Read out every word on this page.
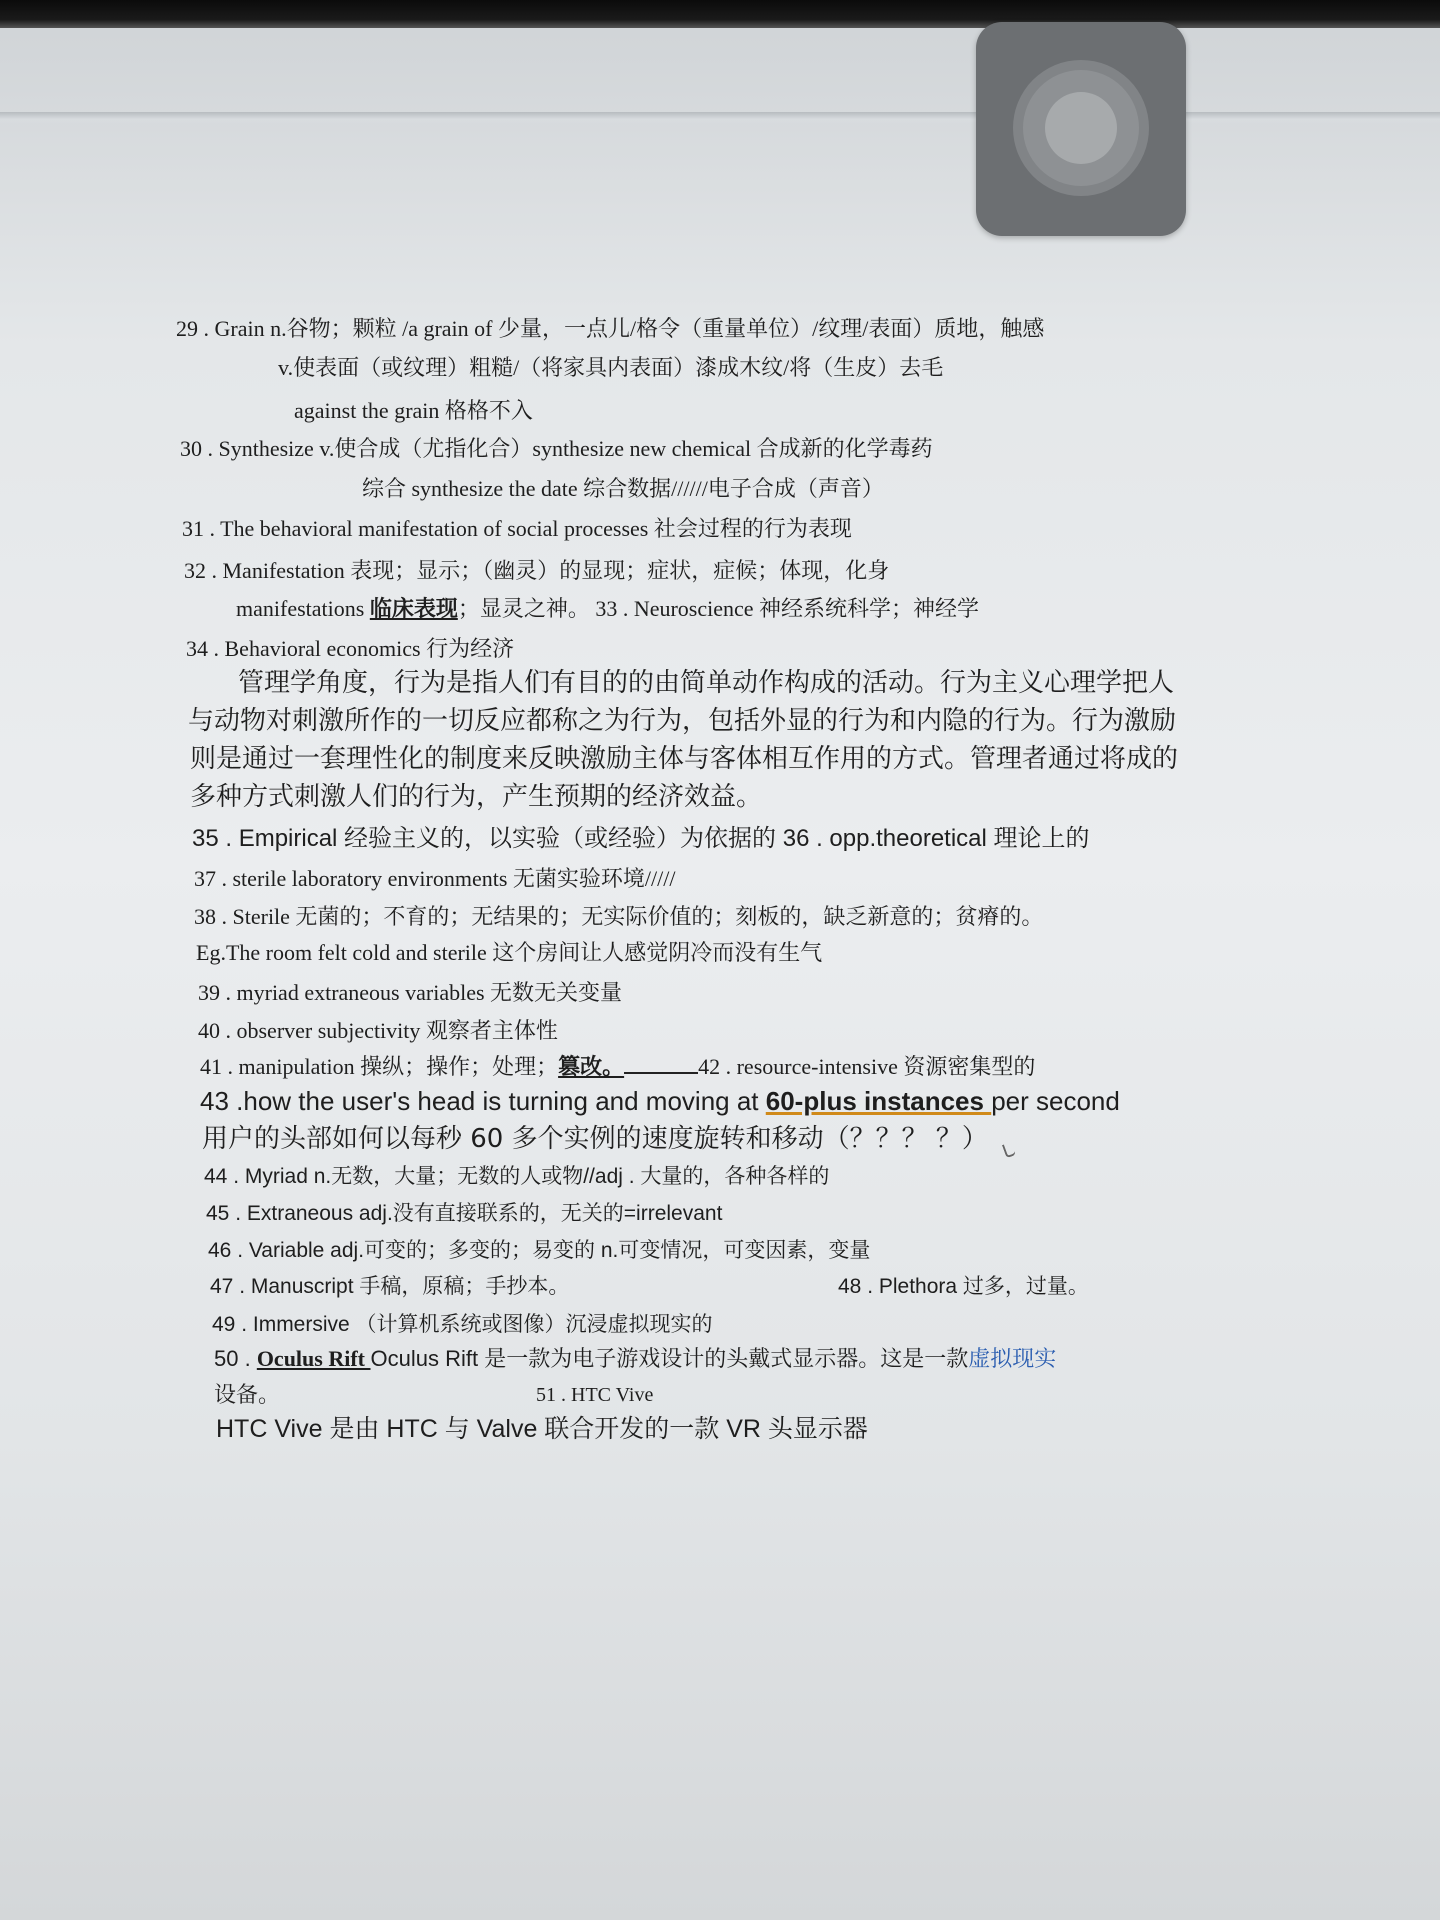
29 . Grain n.谷物；颗粒 /a grain of 少量，一点儿/格令（重量单位）/纹理/表面）质地，触感
v.使表面（或纹理）粗糙/（将家具内表面）漆成木纹/将（生皮）去毛
against the grain 格格不入
30 . Synthesize v.使合成（尤指化合）synthesize new chemical 合成新的化学毒药
综合 synthesize the date 综合数据//////电子合成（声音）
31 . The behavioral manifestation of social processes 社会过程的行为表现
32 . Manifestation 表现；显示；（幽灵）的显现；症状，症候；体现，化身
manifestations 临床表现；显灵之神。 33 . Neuroscience 神经系统科学；神经学
34 . Behavioral economics 行为经济
管理学角度，行为是指人们有目的的由简单动作构成的活动。行为主义心理学把人
与动物对刺激所作的一切反应都称之为行为，包括外显的行为和内隐的行为。行为激励
则是通过一套理性化的制度来反映激励主体与客体相互作用的方式。管理者通过将成的
多种方式刺激人们的行为，产生预期的经济效益。
35 . Empirical 经验主义的，以实验（或经验）为依据的 36 . opp.theoretical 理论上的
37 . sterile laboratory environments 无菌实验环境/////
38 . Sterile 无菌的；不育的；无结果的；无实际价值的；刻板的，缺乏新意的；贫瘠的。
Eg.The room felt cold and sterile 这个房间让人感觉阴冷而没有生气
39 . myriad extraneous variables 无数无关变量
40 . observer subjectivity 观察者主体性
41 . manipulation 操纵；操作；处理；篡改。	42 . resource-intensive 资源密集型的
43 .how the user's head is turning and moving at 60-plus instances per second
用户的头部如何以每秒 60 多个实例的速度旋转和移动（？？？ ？）
44 . Myriad n.无数，大量；无数的人或物//adj . 大量的，各种各样的
45 . Extraneous adj.没有直接联系的，无关的=irrelevant
46 . Variable adj.可变的；多变的；易变的 n.可变情况，可变因素，变量
47 . Manuscript 手稿，原稿；手抄本。	48 . Plethora 过多，过量。
49 . Immersive （计算机系统或图像）沉浸虚拟现实的
50 . Oculus Rift Oculus Rift 是一款为电子游戏设计的头戴式显示器。这是一款虚拟现实
设备。	51 . HTC Vive
HTC Vive 是由 HTC 与 Valve 联合开发的一款 VR 头显示器
